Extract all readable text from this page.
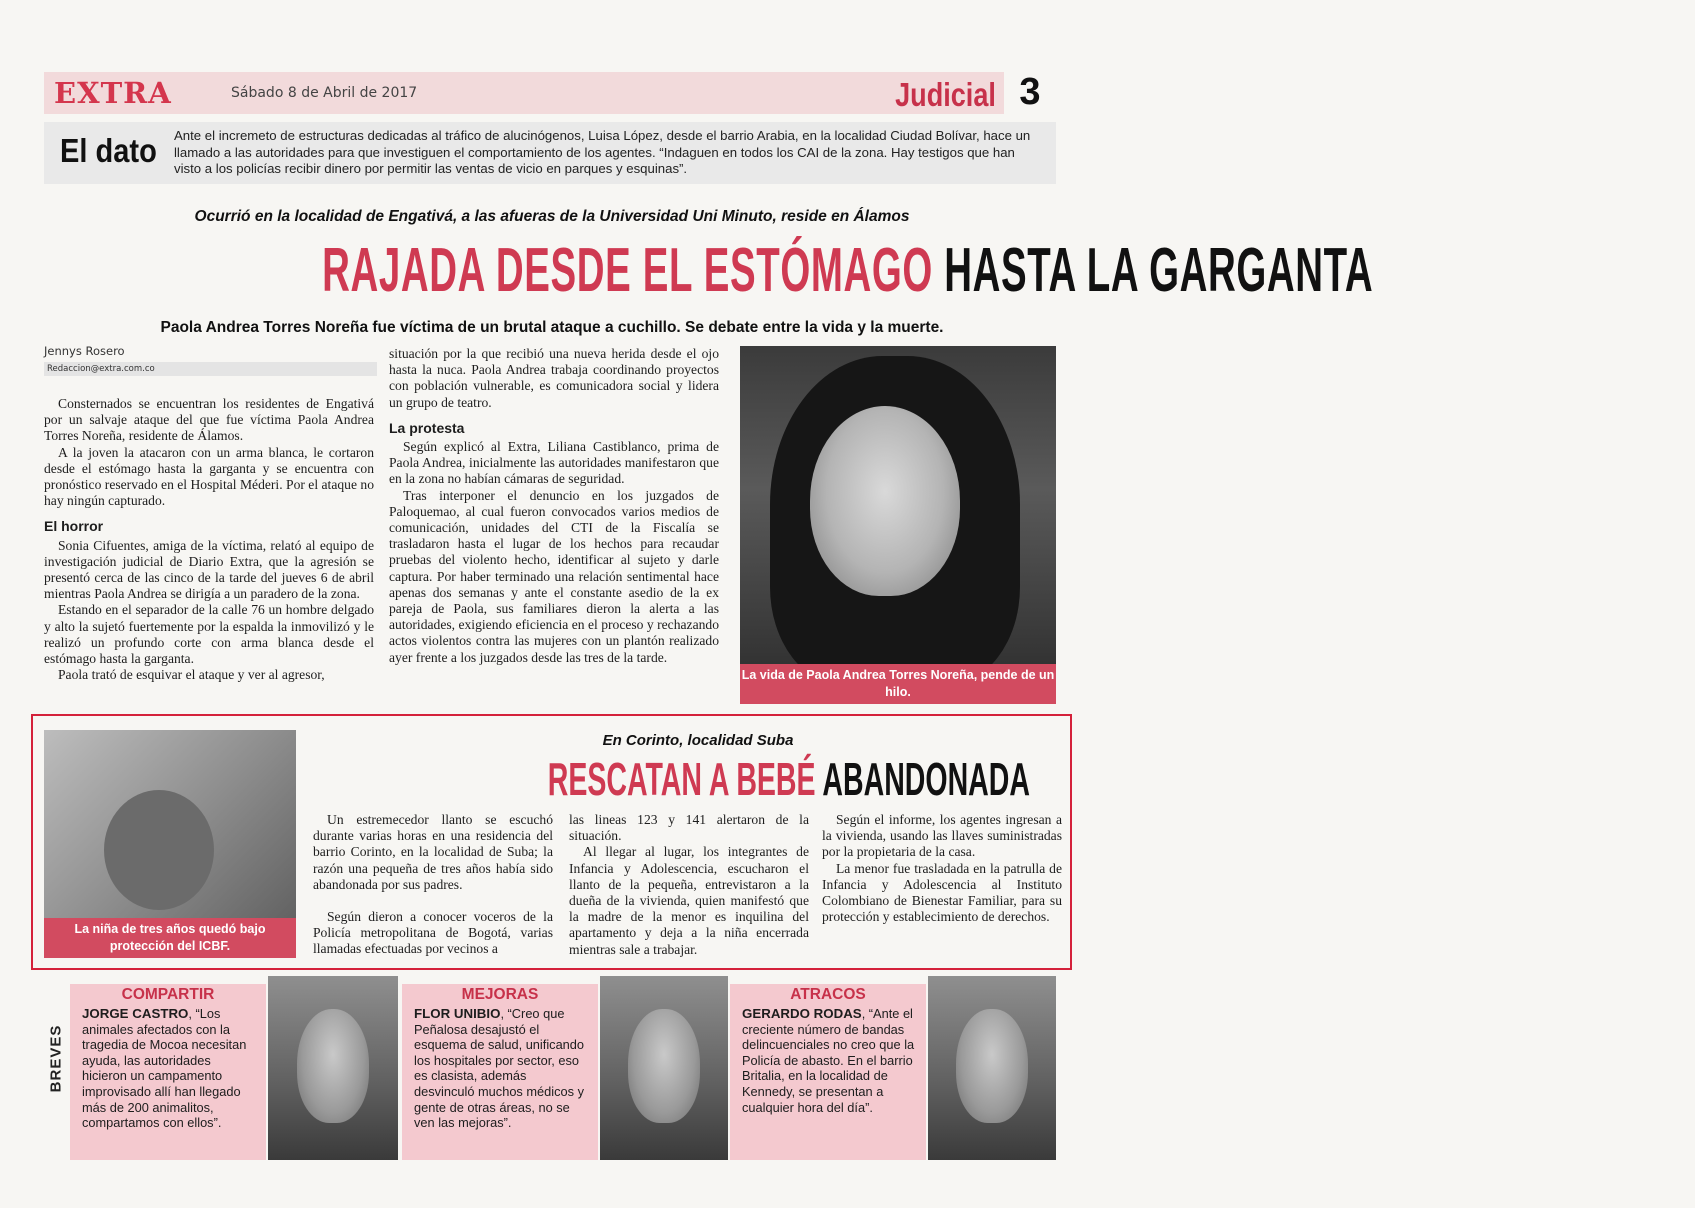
EXTRA	Sábado 8 de Abril de 2017	Judicial 3
El dato Ante el incremeto de estructuras dedicadas al tráfico de alucinógenos, Luisa López, desde el barrio Arabia, en la localidad Ciudad Bolívar, hace un llamado a las autoridades para que investiguen el comportamiento de los agentes. “Indaguen en todos los CAI de la zona. Hay testigos que han visto a los policías recibir dinero por permitir las ventas de vicio en parques y esquinas”.
Ocurrió en la localidad de Engativá, a las afueras de la Universidad Uni Minuto, reside en Álamos
RAJADA DESDE EL ESTÓMAGO HASTA LA GARGANTA
Paola Andrea Torres Noreña fue víctima de un brutal ataque a cuchillo. Se debate entre la vida y la muerte.
Jennys Rosero
Redaccion@extra.com.co

Consternados se encuentran los residentes de Engativá por un salvaje ataque del que fue víctima Paola Andrea Torres Noreña, residente de Álamos.

A la joven la atacaron con un arma blanca, le cortaron desde el estómago hasta la garganta y se encuentra con pronóstico reservado en el Hospital Méderi. Por el ataque no hay ningún capturado.

El horror

Sonia Cifuentes, amiga de la víctima, relató al equipo de investigación judicial de Diario Extra, que la agresión se presentó cerca de las cinco de la tarde del jueves 6 de abril mientras Paola Andrea se dirigía a un paradero de la zona.

Estando en el separador de la calle 76 un hombre delgado y alto la sujetó fuertemente por la espalda la inmovilizó y le realizó un profundo corte con arma blanca desde el estómago hasta la garganta.

Paola trató de esquivar el ataque y ver al agresor,

situación por la que recibió una nueva herida desde el ojo hasta la nuca. Paola Andrea trabaja coordinando proyectos con población vulnerable, es comunicadora social y lidera un grupo de teatro.

La protesta

Según explicó al Extra, Liliana Castiblanco, prima de Paola Andrea, inicialmente las autoridades manifestaron que en la zona no habían cámaras de seguridad.

Tras interponer el denuncio en los juzgados de Paloquemao, al cual fueron convocados varios medios de comunicación, unidades del CTI de la Fiscalía se trasladaron hasta el lugar de los hechos para recaudar pruebas del violento hecho, identificar al sujeto y darle captura. Por haber terminado una relación sentimental hace apenas dos semanas y ante el constante asedio de la ex pareja de Paola, sus familiares dieron la alerta a las autoridades, exigiendo eficiencia en el proceso y rechazando actos violentos contra las mujeres con un plantón realizado ayer frente a los juzgados desde las tres de la tarde.

La vida de Paola Andrea Torres Noreña, pende de un hilo.
La niña de tres años quedó bajo protección del ICBF.
En Corinto, localidad Suba
RESCATAN A BEBÉ ABANDONADA

Un estremecedor llanto se escuchó durante varias horas en una residencia del barrio Corinto, en la localidad de Suba; la razón una pequeña de tres años había sido abandonada por sus padres.

Según dieron a conocer voceros de la Policía metropolitana de Bogotá, varias llamadas efectuadas por vecinos a

las lineas 123 y 141 alertaron de la situación.

Al llegar al lugar, los integrantes de Infancia y Adolescencia, escucharon el llanto de la pequeña, entrevistaron a la dueña de la vivienda, quien manifestó que la madre de la menor es inquilina del apartamento y deja a la niña encerrada mientras sale a trabajar.

Según el informe, los agentes ingresan a la vivienda, usando las llaves suministradas por la propietaria de la casa.

La menor fue trasladada en la patrulla de Infancia y Adolescencia al Instituto Colombiano de Bienestar Familiar, para su protección y establecimiento de derechos.

BREVES
COMPARTIR
JORGE CASTRO, “Los animales afectados con la tragedia de Mocoa necesitan ayuda, las autoridades hicieron un campamento improvisado allí han llegado más de 200 animalitos, compartamos con ellos”.
MEJORAS
FLOR UNIBIO, “Creo que Peñalosa desajustó el esquema de salud, unificando los hospitales por sector, eso es clasista, además desvinculó muchos médicos y gente de otras áreas, no se ven las mejoras”.
ATRACOS
GERARDO RODAS, “Ante el creciente número de bandas delincuenciales no creo que la Policía de abasto. En el barrio Britalia, en la localidad de Kennedy, se presentan a cualquier hora del día”.
